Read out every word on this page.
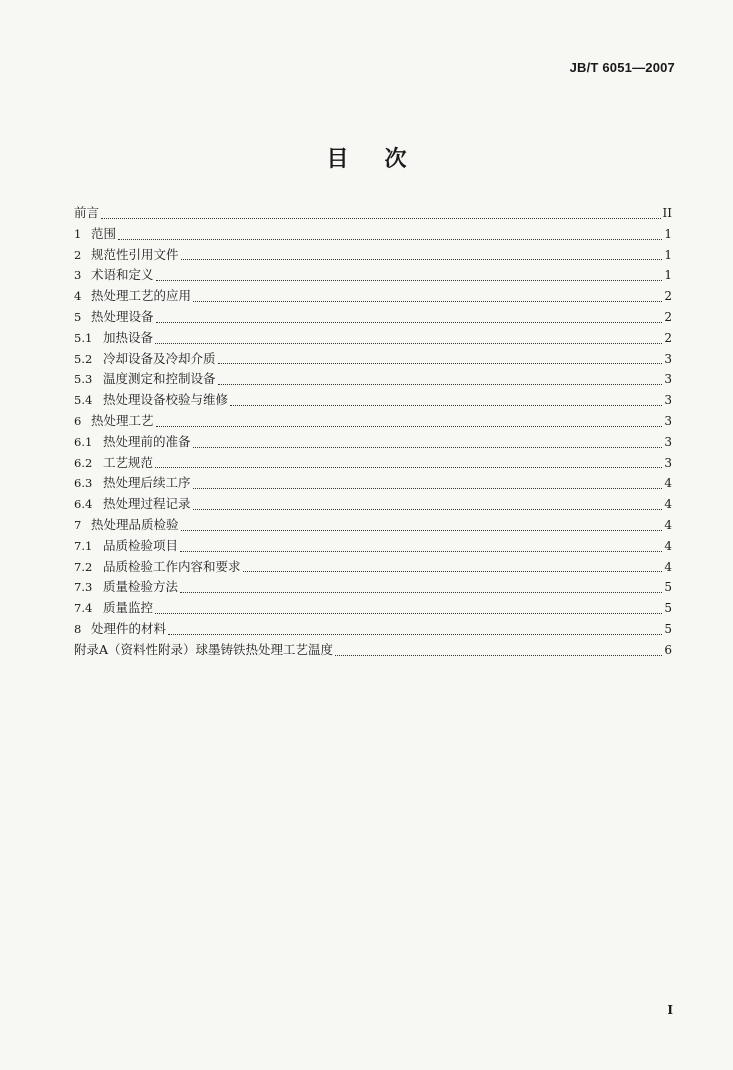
JB/T 6051—2007
目次
前言	II
1 范围	1
2 规范性引用文件	1
3 术语和定义	1
4 热处理工艺的应用	2
5 热处理设备	2
5.1 加热设备	2
5.2 冷却设备及冷却介质	3
5.3 温度测定和控制设备	3
5.4 热处理设备校验与维修	3
6 热处理工艺	3
6.1 热处理前的准备	3
6.2 工艺规范	3
6.3 热处理后续工序	4
6.4 热处理过程记录	4
7 热处理品质检验	4
7.1 品质检验项目	4
7.2 品质检验工作内容和要求	4
7.3 质量检验方法	5
7.4 质量监控	5
8 处理件的材料	5
附录A（资料性附录）球墨铸铁热处理工艺温度	6
I
